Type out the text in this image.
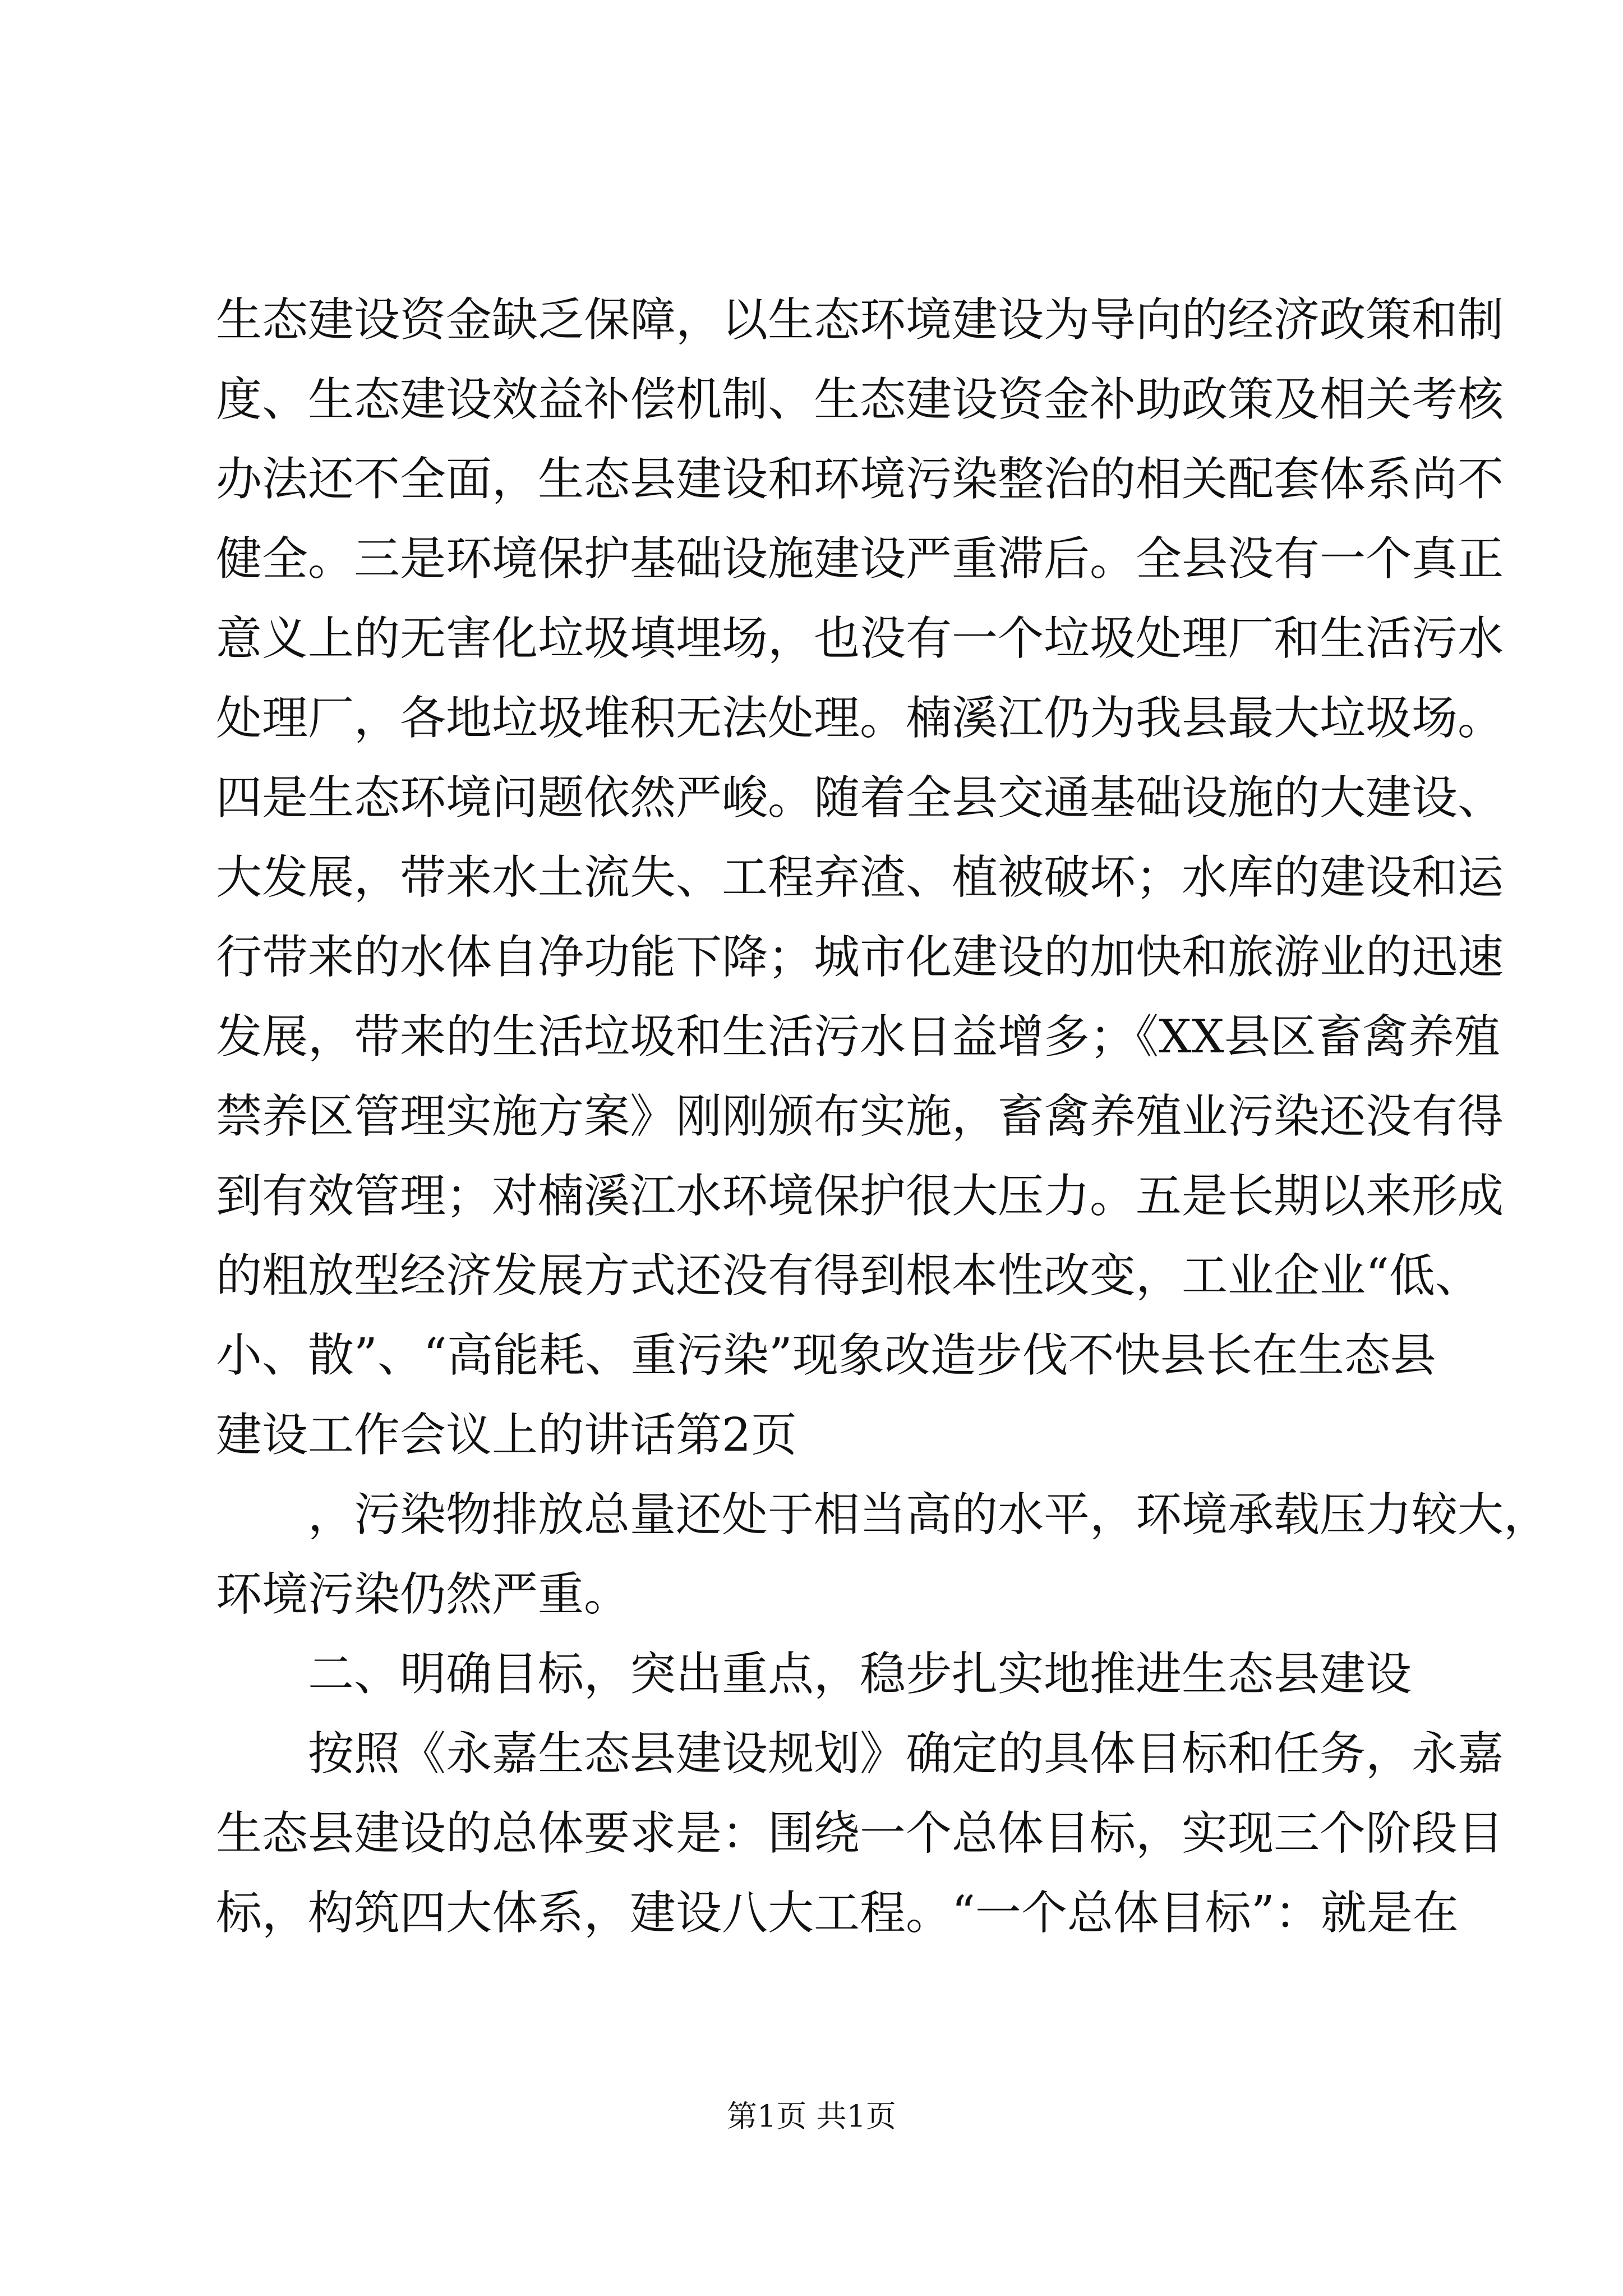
生态建设资金缺乏保障，以生态环境建设为导向的经济政策和制
度、生态建设效益补偿机制、生态建设资金补助政策及相关考核
办法还不全面，生态县建设和环境污染整治的相关配套体系尚不
健全。三是环境保护基础设施建设严重滞后。全县没有一个真正
意义上的无害化垃圾填埋场，也没有一个垃圾处理厂和生活污水
处理厂，各地垃圾堆积无法处理。楠溪江仍为我县最大垃圾场。
四是生态环境问题依然严峻。随着全县交通基础设施的大建设、
大发展，带来水土流失、工程弃渣、植被破坏；水库的建设和运
行带来的水体自净功能下降；城市化建设的加快和旅游业的迅速
发展，带来的生活垃圾和生活污水日益增多；《XX县区畜禽养殖
禁养区管理实施方案》刚刚颁布实施，畜禽养殖业污染还没有得
到有效管理；对楠溪江水环境保护很大压力。五是长期以来形成
的粗放型经济发展方式还没有得到根本性改变，工业企业“低、
小、散”、“高能耗、重污染”现象改造步伐不快县长在生态县
建设工作会议上的讲话第2页
，污染物排放总量还处于相当高的水平，环境承载压力较大，
环境污染仍然严重。
二、明确目标，突出重点，稳步扎实地推进生态县建设
按照《永嘉生态县建设规划》确定的具体目标和任务，永嘉
生态县建设的总体要求是：围绕一个总体目标，实现三个阶段目
标，构筑四大体系，建设八大工程。“一个总体目标”：就是在
第1页 共1页
